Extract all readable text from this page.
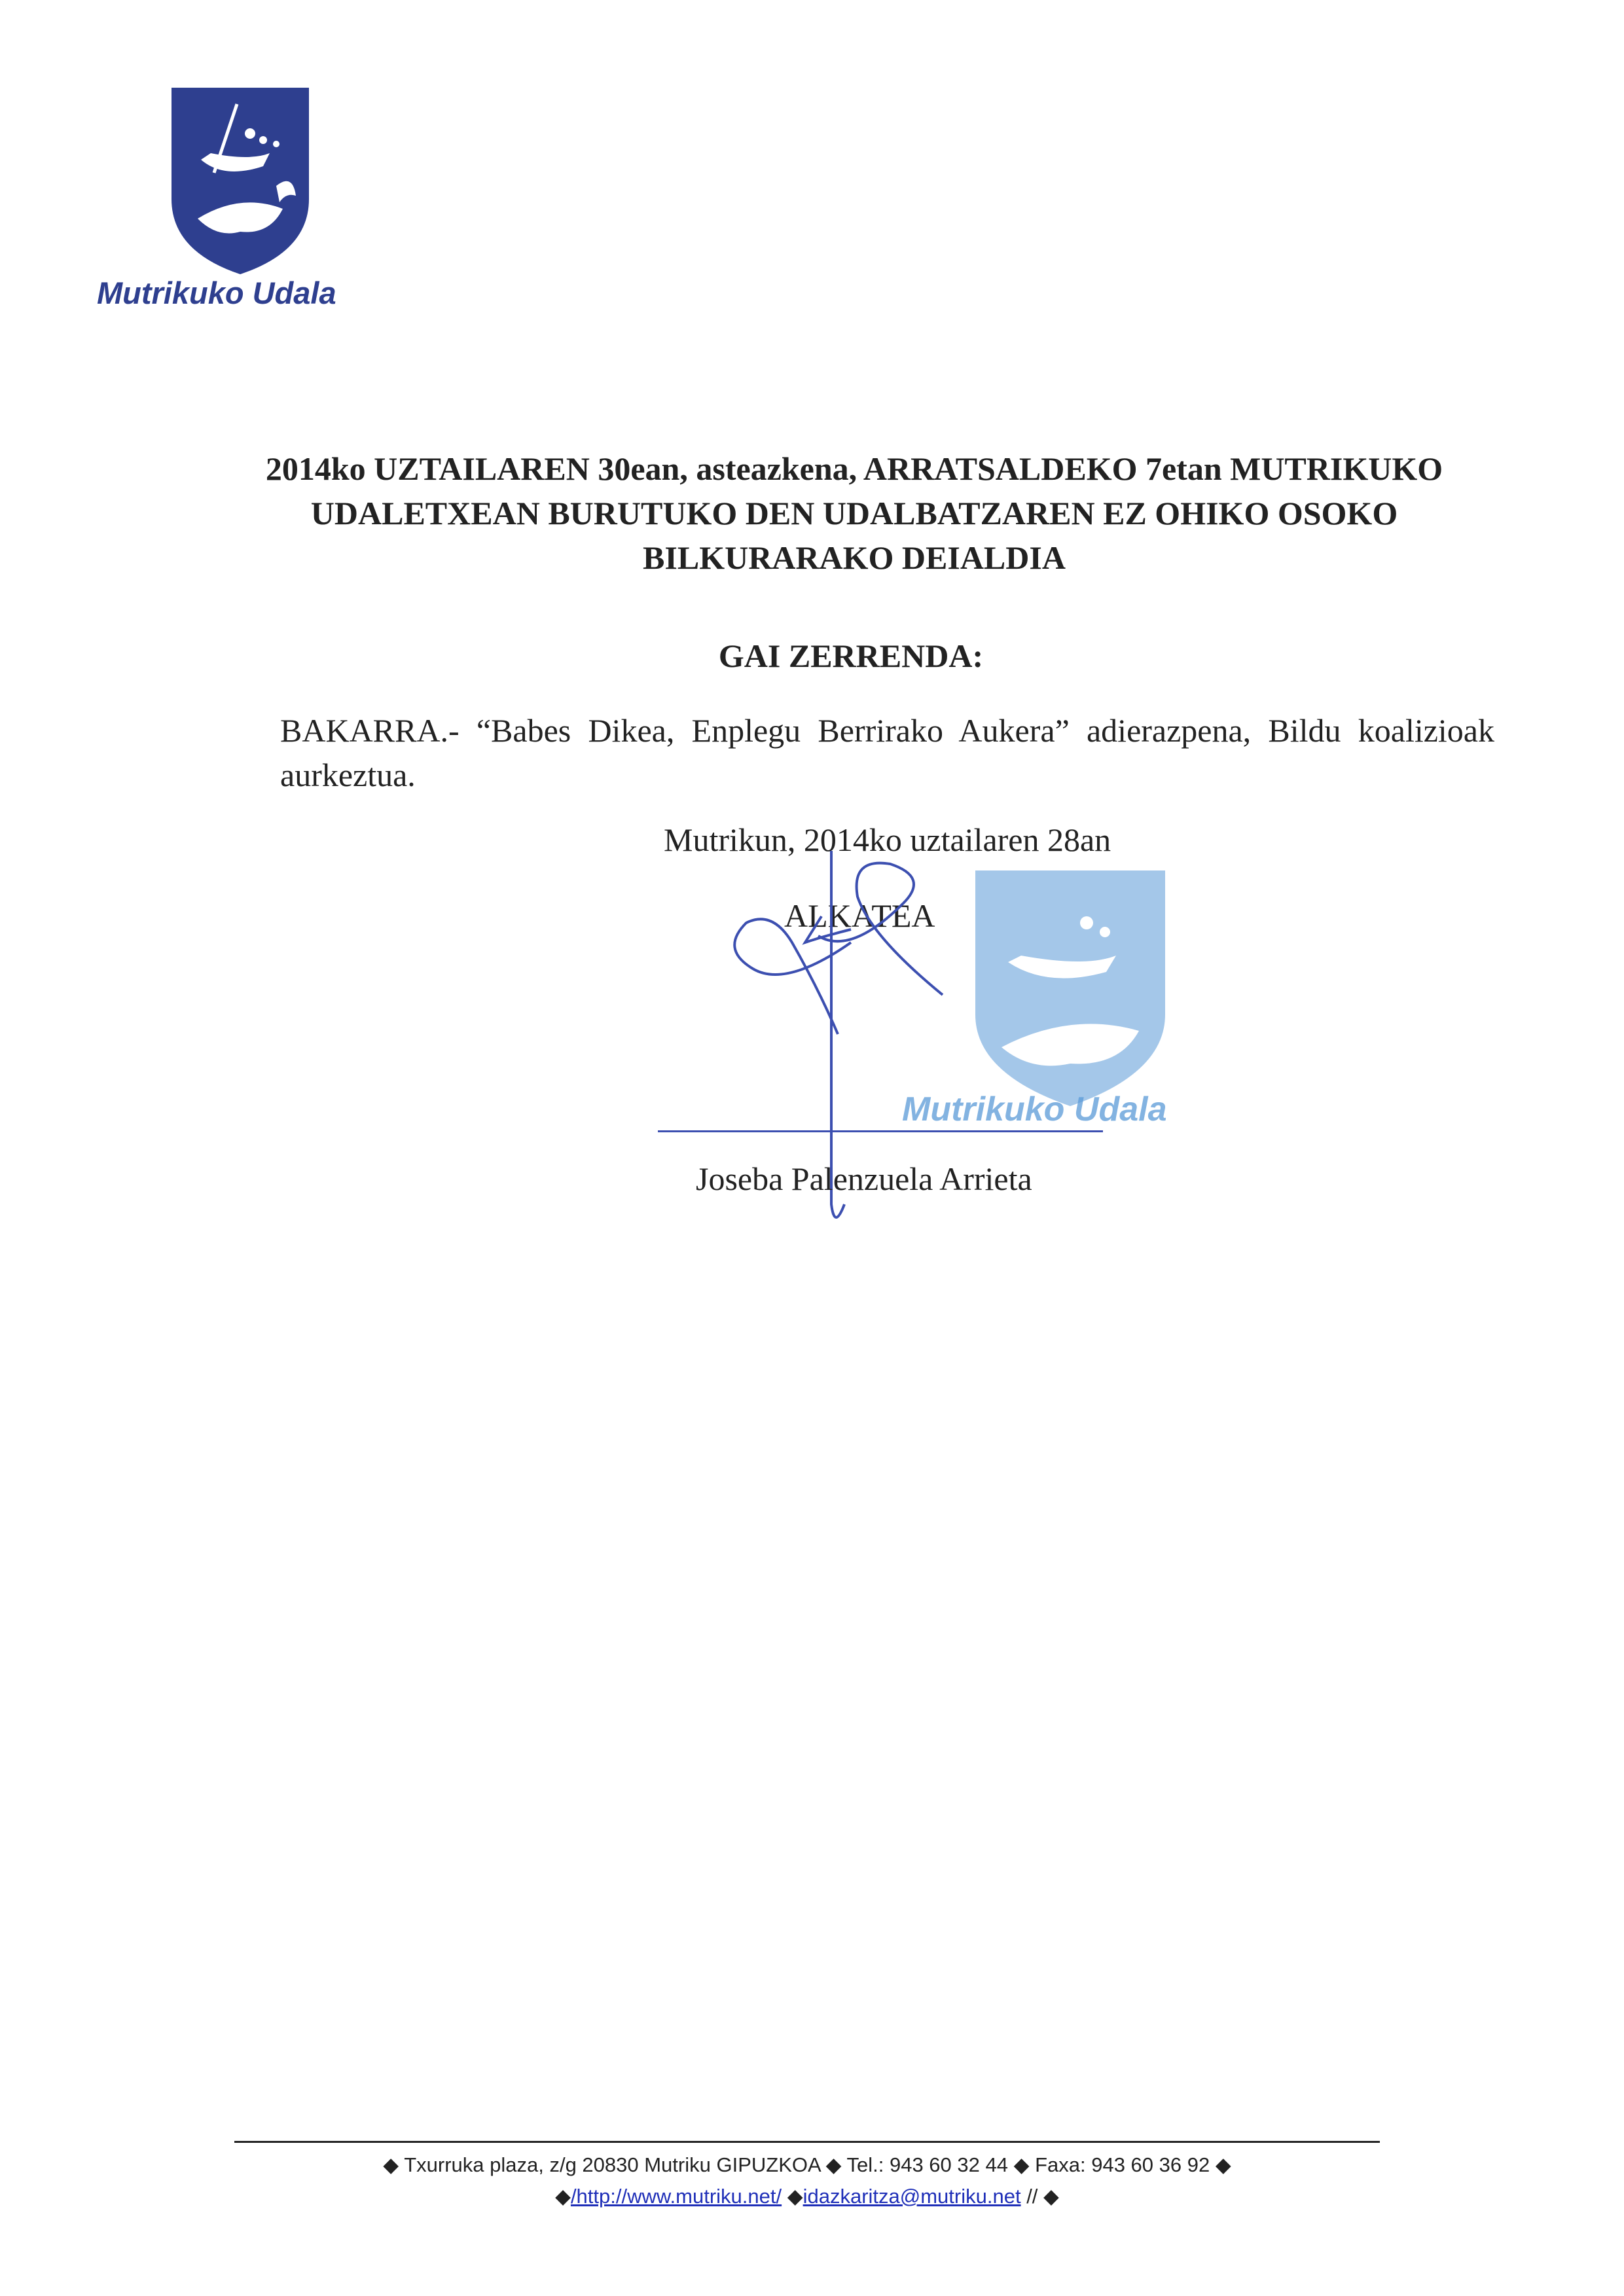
Mutrikuko Udala
2014ko UZTAILAREN 30ean, asteazkena, ARRATSALDEKO 7etan MUTRIKUKO
UDALETXEAN BURUTUKO DEN UDALBATZAREN EZ OHIKO OSOKO
BILKURARAKO DEIALDIA
GAI ZERRENDA:
BAKARRA.- “Babes Dikea, Enplegu Berrirako Aukera” adierazpena, Bildu koalizioak aurkeztua.
Mutrikun, 2014ko uztailaren 28an
ALKATEA
Mutrikuko Udala
Joseba Palenzuela Arrieta
◆ Txurruka plaza, z/g 20830 Mutriku GIPUZKOA ◆ Tel.: 943 60 32 44 ◆ Faxa: 943 60 36 92 ◆
◆/http://www.mutriku.net/ ◆idazkaritza@mutriku.net // ◆
